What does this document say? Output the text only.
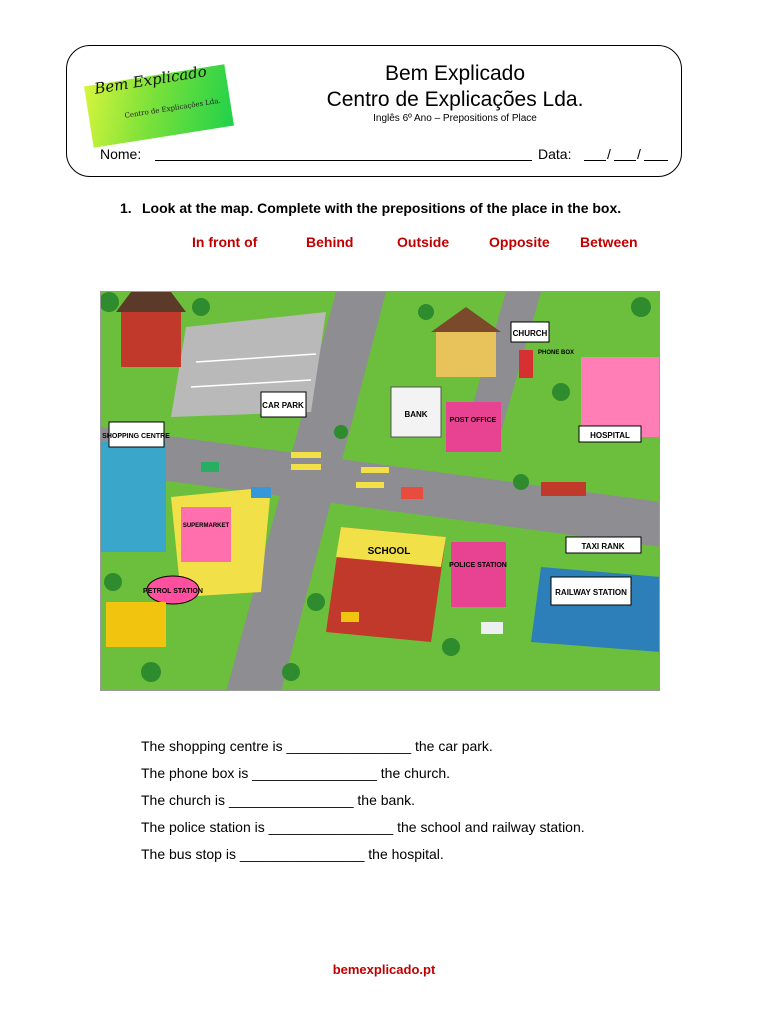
Bem Explicado
Centro de Explicações Lda.
Bem Explicado
Centro de Explicações Lda.
Inglês 6º Ano – Prepositions of Place
Nome:	Data:	/ /
1. Look at the map. Complete with the prepositions of the place in the box.
In front of	Behind	Outside	Opposite Between
CHURCH
PHONE BOX
CAR PARK
BANK
POST OFFICE
HOSPITAL
SHOPPING CENTRE
SUPERMARKET
PETROL STATION
SCHOOL
POLICE STATION
TAXI RANK
RAILWAY STATION
The shopping centre is ________________ the car park.
The phone box is ________________ the church.
The church is ________________ the bank.
The police station is ________________ the school and railway station.
The bus stop is ________________ the hospital.
bemexplicado.pt
